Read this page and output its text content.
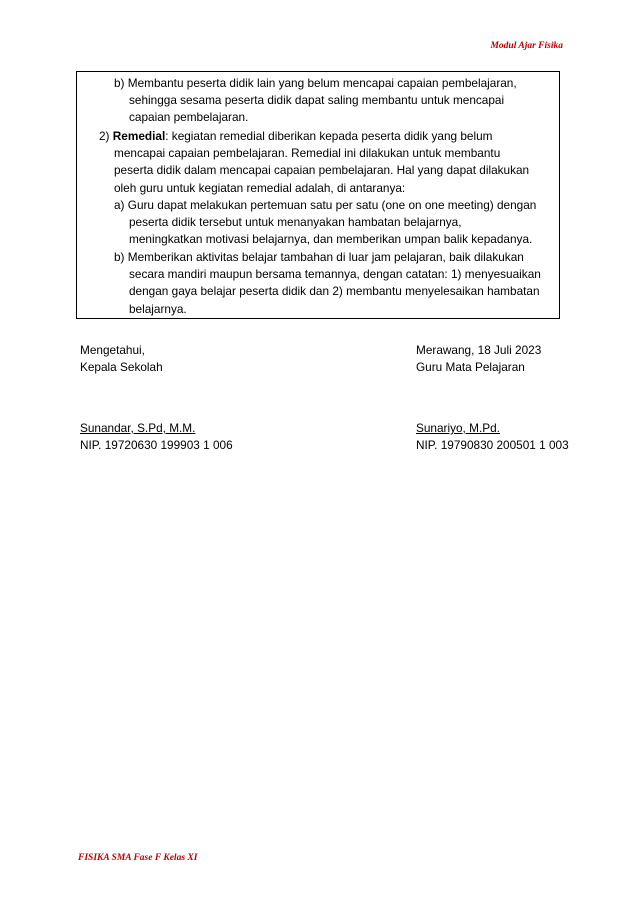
Modul Ajar Fisika
b) Membantu peserta didik lain yang belum mencapai capaian pembelajaran,
sehingga sesama peserta didik dapat saling membantu untuk mencapai
capaian pembelajaran.
2) Remedial: kegiatan remedial diberikan kepada peserta didik yang belum
mencapai capaian pembelajaran. Remedial ini dilakukan untuk membantu
peserta didik dalam mencapai capaian pembelajaran. Hal yang dapat dilakukan
oleh guru untuk kegiatan remedial adalah, di antaranya:
a) Guru dapat melakukan pertemuan satu per satu (one on one meeting) dengan
peserta didik tersebut untuk menanyakan hambatan belajarnya,
meningkatkan motivasi belajarnya, dan memberikan umpan balik kepadanya.
b) Memberikan aktivitas belajar tambahan di luar jam pelajaran, baik dilakukan
secara mandiri maupun bersama temannya, dengan catatan: 1) menyesuaikan
dengan gaya belajar peserta didik dan 2) membantu menyelesaikan hambatan
belajarnya.
Mengetahui,
Kepala Sekolah
Sunandar, S.Pd, M.M.
NIP. 19720630 199903 1 006
Merawang, 18 Juli 2023
Guru Mata Pelajaran
Sunariyo, M.Pd.
NIP. 19790830 200501 1 003
FISIKA SMA Fase F Kelas XI
